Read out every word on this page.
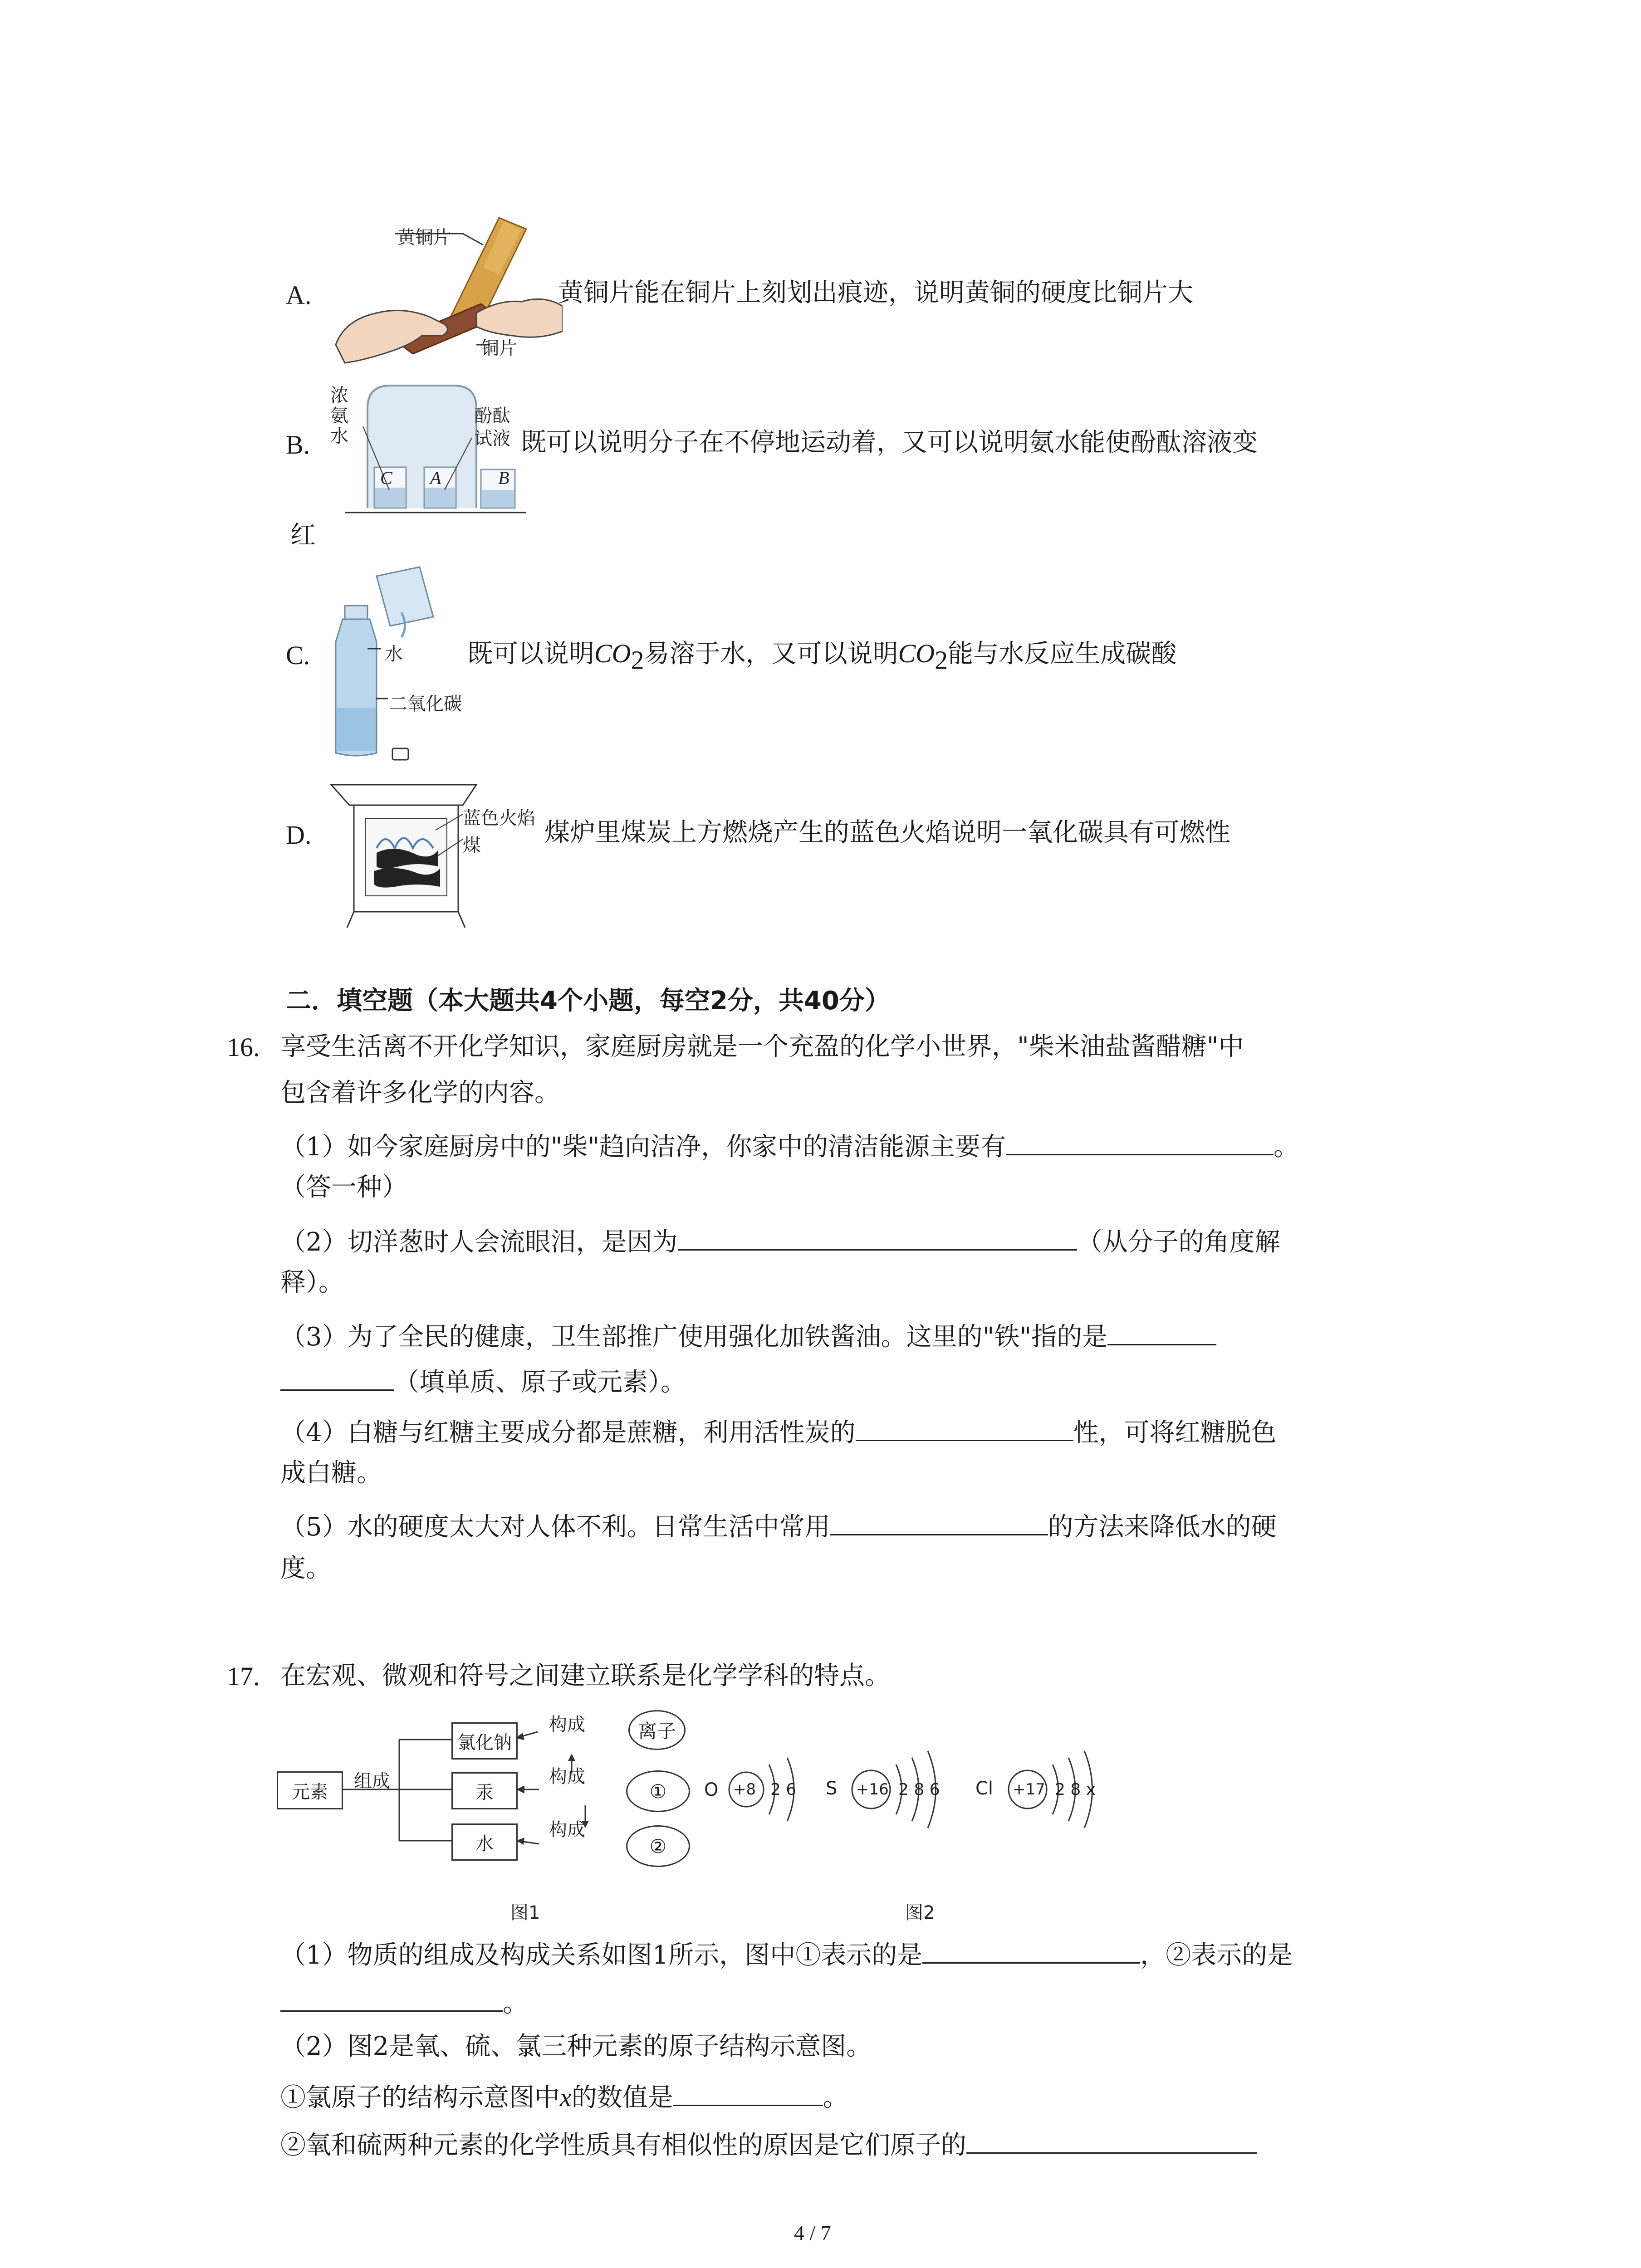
A.
黄铜片
铜片
黄铜片能在铜片上刻划出痕迹，说明黄铜的硬度比铜片大
B.
浓
氨
水
酚酞
试液
C A	B
既可以说明分子在不停地运动着，又可以说明氨水能使酚酞溶液变
红
C.	水
二氧化碳
既可以说明$CO_2$易溶于水，又可以说明$CO_2$能与水反应生成碳酸
D.
蓝色火焰
煤	煤炉里煤炭上方燃烧产生的蓝色火焰说明一氧化碳具有可燃性
二．填空题（本大题共4个小题，每空2分，共40分）
16. 享受生活离不开化学知识，家庭厨房就是一个充盈的化学小世界，"柴米油盐酱醋糖"中
包含着许多化学的内容。
（1）如今家庭厨房中的"柴"趋向洁净，你家中的清洁能源主要有	。
（答一种）
（2）切洋葱时人会流眼泪，是因为	（从分子的角度解
释）。
（3）为了全民的健康，卫生部推广使用强化加铁酱油。这里的"铁"指的是
（填单质、原子或元素）。
（4）白糖与红糖主要成分都是蔗糖，利用活性炭的	性，可将红糖脱色
成白糖。
（5）水的硬度太大对人体不利。日常生活中常用	的方法来降低水的硬
度。
17. 在宏观、微观和符号之间建立联系是化学学科的特点。
元素
组成
氯化钠
汞
水
构成
构成
构成
离子
①
②
图1
O +8 2 6 S +16 2 8 6 Cl +17 2 8 x
图2
（1）物质的组成及构成关系如图1所示，图中①表示的是	，②表示的是
。
（2）图2是氧、硫、氯三种元素的原子结构示意图。
①氯原子的结构示意图中x的数值是	。
②氧和硫两种元素的化学性质具有相似性的原因是它们原子的
4 / 7
